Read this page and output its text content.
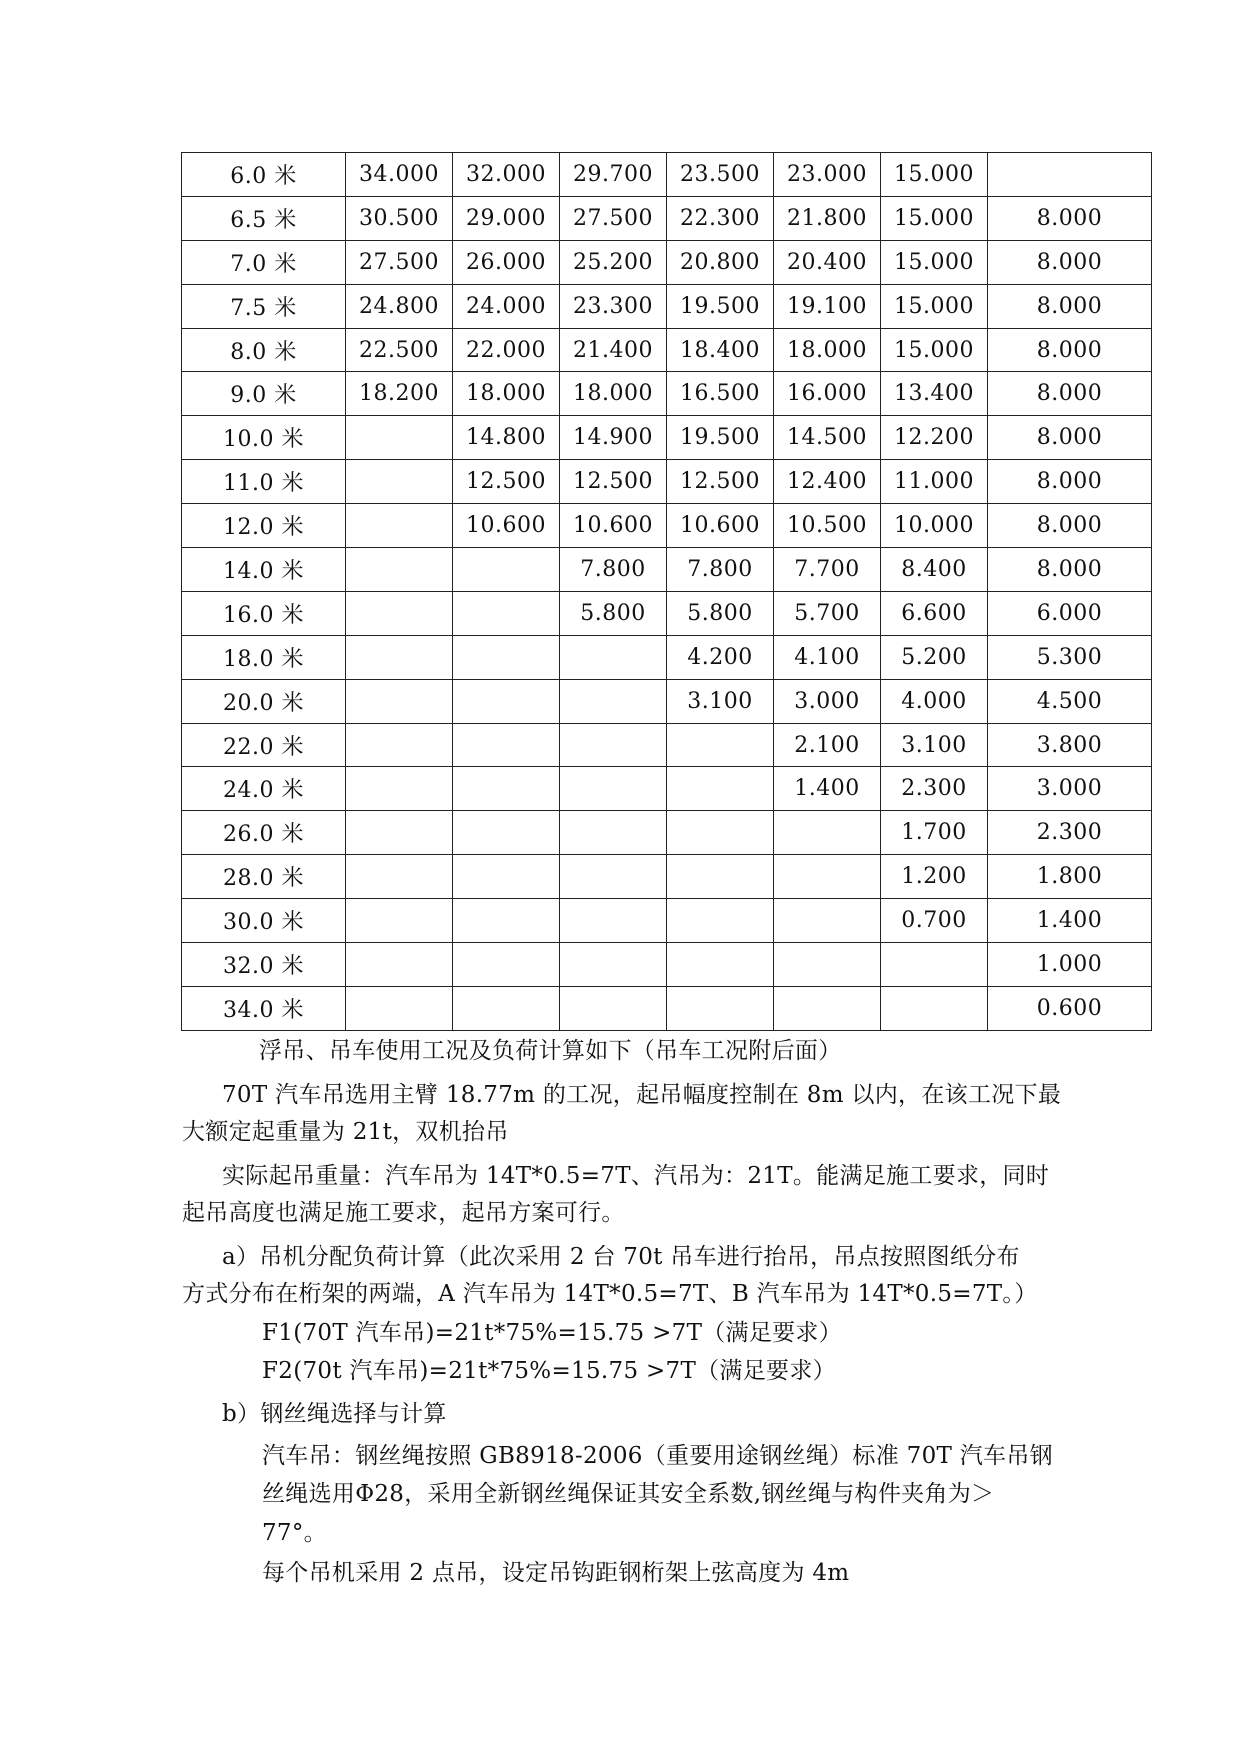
6.0 米	34.000	32.000	29.700	23.500	23.000	15.000	
6.5 米	30.500	29.000	27.500	22.300	21.800	15.000	8.000
7.0 米	27.500	26.000	25.200	20.800	20.400	15.000	8.000
7.5 米	24.800	24.000	23.300	19.500	19.100	15.000	8.000
8.0 米	22.500	22.000	21.400	18.400	18.000	15.000	8.000
9.0 米	18.200	18.000	18.000	16.500	16.000	13.400	8.000
10.0 米		14.800	14.900	19.500	14.500	12.200	8.000
11.0 米		12.500	12.500	12.500	12.400	11.000	8.000
12.0 米		10.600	10.600	10.600	10.500	10.000	8.000
14.0 米			7.800	7.800	7.700	8.400	8.000
16.0 米			5.800	5.800	5.700	6.600	6.000
18.0 米				4.200	4.100	5.200	5.300
20.0 米				3.100	3.000	4.000	4.500
22.0 米					2.100	3.100	3.800
24.0 米					1.400	2.300	3.000
26.0 米						1.700	2.300
28.0 米						1.200	1.800
30.0 米						0.700	1.400
32.0 米							1.000
34.0 米							0.600
浮吊、吊车使用工况及负荷计算如下（吊车工况附后面）
70T 汽车吊选用主臂 18.77m 的工况，起吊幅度控制在 8m 以内，在该工况下最
大额定起重量为 21t，双机抬吊
实际起吊重量：汽车吊为 14T*0.5=7T、汽吊为：21T。能满足施工要求，同时
起吊高度也满足施工要求，起吊方案可行。
a）吊机分配负荷计算（此次采用 2 台 70t 吊车进行抬吊，吊点按照图纸分布
方式分布在桁架的两端，A 汽车吊为 14T*0.5=7T、B 汽车吊为 14T*0.5=7T。）
F1(70T 汽车吊)=21t*75%=15.75 >7T（满足要求）
F2(70t 汽车吊)=21t*75%=15.75 >7T（满足要求）
b）钢丝绳选择与计算
汽车吊：钢丝绳按照 GB8918-2006（重要用途钢丝绳）标准 70T 汽车吊钢
丝绳选用Φ28，采用全新钢丝绳保证其安全系数,钢丝绳与构件夹角为＞
77°。
每个吊机采用 2 点吊，设定吊钩距钢桁架上弦高度为 4m
